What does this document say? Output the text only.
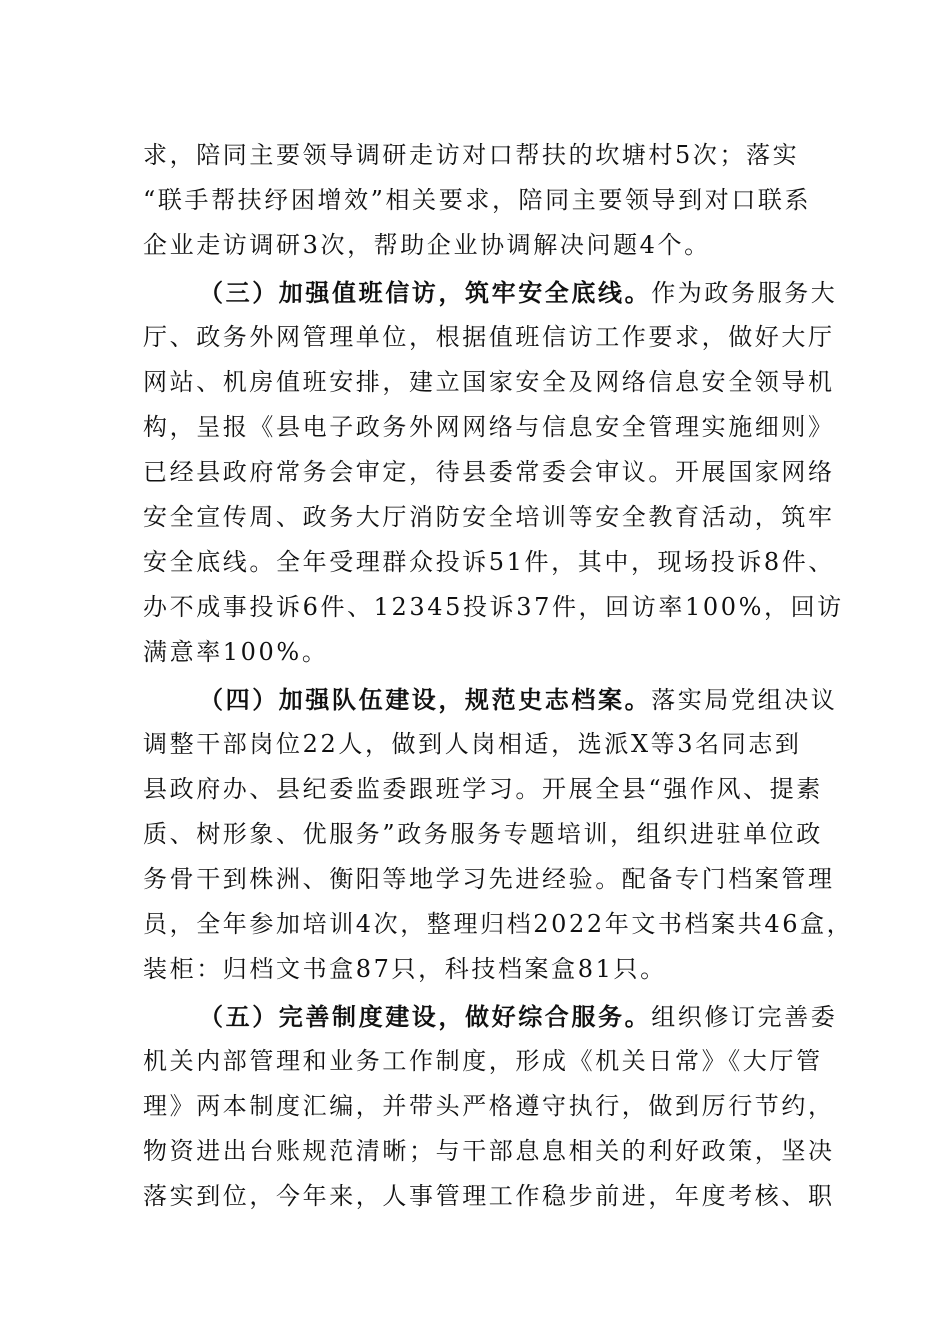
求，陪同主要领导调研走访对口帮扶的坎塘村5次；落实
“联手帮扶纾困增效”相关要求，陪同主要领导到对口联系
企业走访调研3次，帮助企业协调解决问题4个。
（三）加强值班信访，筑牢安全底线。作为政务服务大
厅、政务外网管理单位，根据值班信访工作要求，做好大厅
网站、机房值班安排，建立国家安全及网络信息安全领导机
构，呈报《县电子政务外网网络与信息安全管理实施细则》
已经县政府常务会审定，待县委常委会审议。开展国家网络
安全宣传周、政务大厅消防安全培训等安全教育活动，筑牢
安全底线。全年受理群众投诉51件，其中，现场投诉8件、
办不成事投诉6件、12345投诉37件，回访率100%，回访
满意率100%。
（四）加强队伍建设，规范史志档案。落实局党组决议
调整干部岗位22人，做到人岗相适，选派X等3名同志到
县政府办、县纪委监委跟班学习。开展全县“强作风、提素
质、树形象、优服务”政务服务专题培训，组织进驻单位政
务骨干到株洲、衡阳等地学习先进经验。配备专门档案管理
员，全年参加培训4次，整理归档2022年文书档案共46盒，
装柜：归档文书盒87只，科技档案盒81只。
（五）完善制度建设，做好综合服务。组织修订完善委
机关内部管理和业务工作制度，形成《机关日常》《大厅管
理》两本制度汇编，并带头严格遵守执行，做到厉行节约，
物资进出台账规范清晰；与干部息息相关的利好政策，坚决
落实到位，今年来，人事管理工作稳步前进，年度考核、职
